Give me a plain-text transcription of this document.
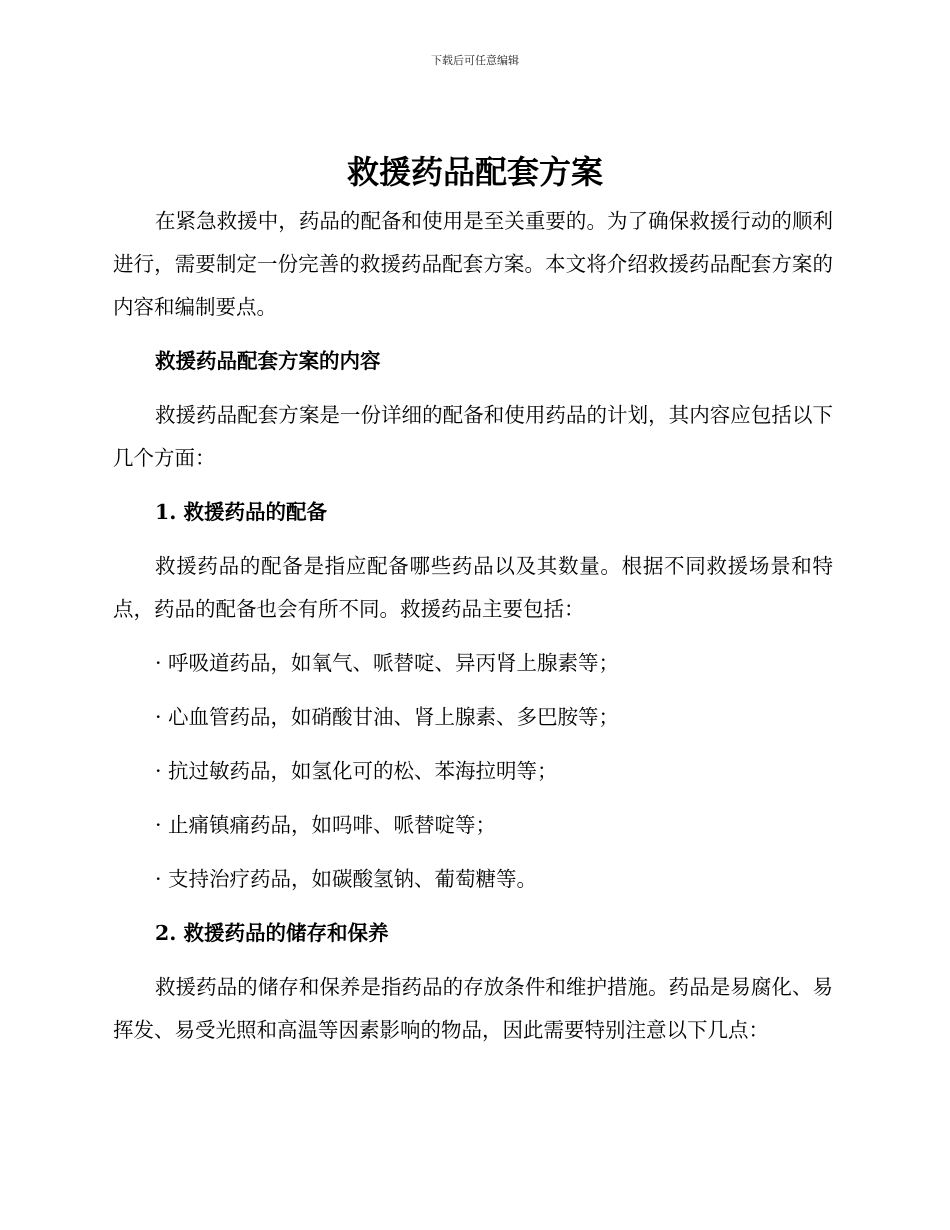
下载后可任意编辑
救援药品配套方案

在紧急救援中，药品的配备和使用是至关重要的。为了确保救援行动的顺利进行，需要制定一份完善的救援药品配套方案。本文将介绍救援药品配套方案的内容和编制要点。

救援药品配套方案的内容

救援药品配套方案是一份详细的配备和使用药品的计划，其内容应包括以下几个方面：

1. 救援药品的配备

救援药品的配备是指应配备哪些药品以及其数量。根据不同救援场景和特点，药品的配备也会有所不同。救援药品主要包括：

· 呼吸道药品，如氧气、哌替啶、异丙肾上腺素等；

· 心血管药品，如硝酸甘油、肾上腺素、多巴胺等；

· 抗过敏药品，如氢化可的松、苯海拉明等；

· 止痛镇痛药品，如吗啡、哌替啶等；

· 支持治疗药品，如碳酸氢钠、葡萄糖等。

2. 救援药品的储存和保养

救援药品的储存和保养是指药品的存放条件和维护措施。药品是易腐化、易挥发、易受光照和高温等因素影响的物品，因此需要特别注意以下几点：
